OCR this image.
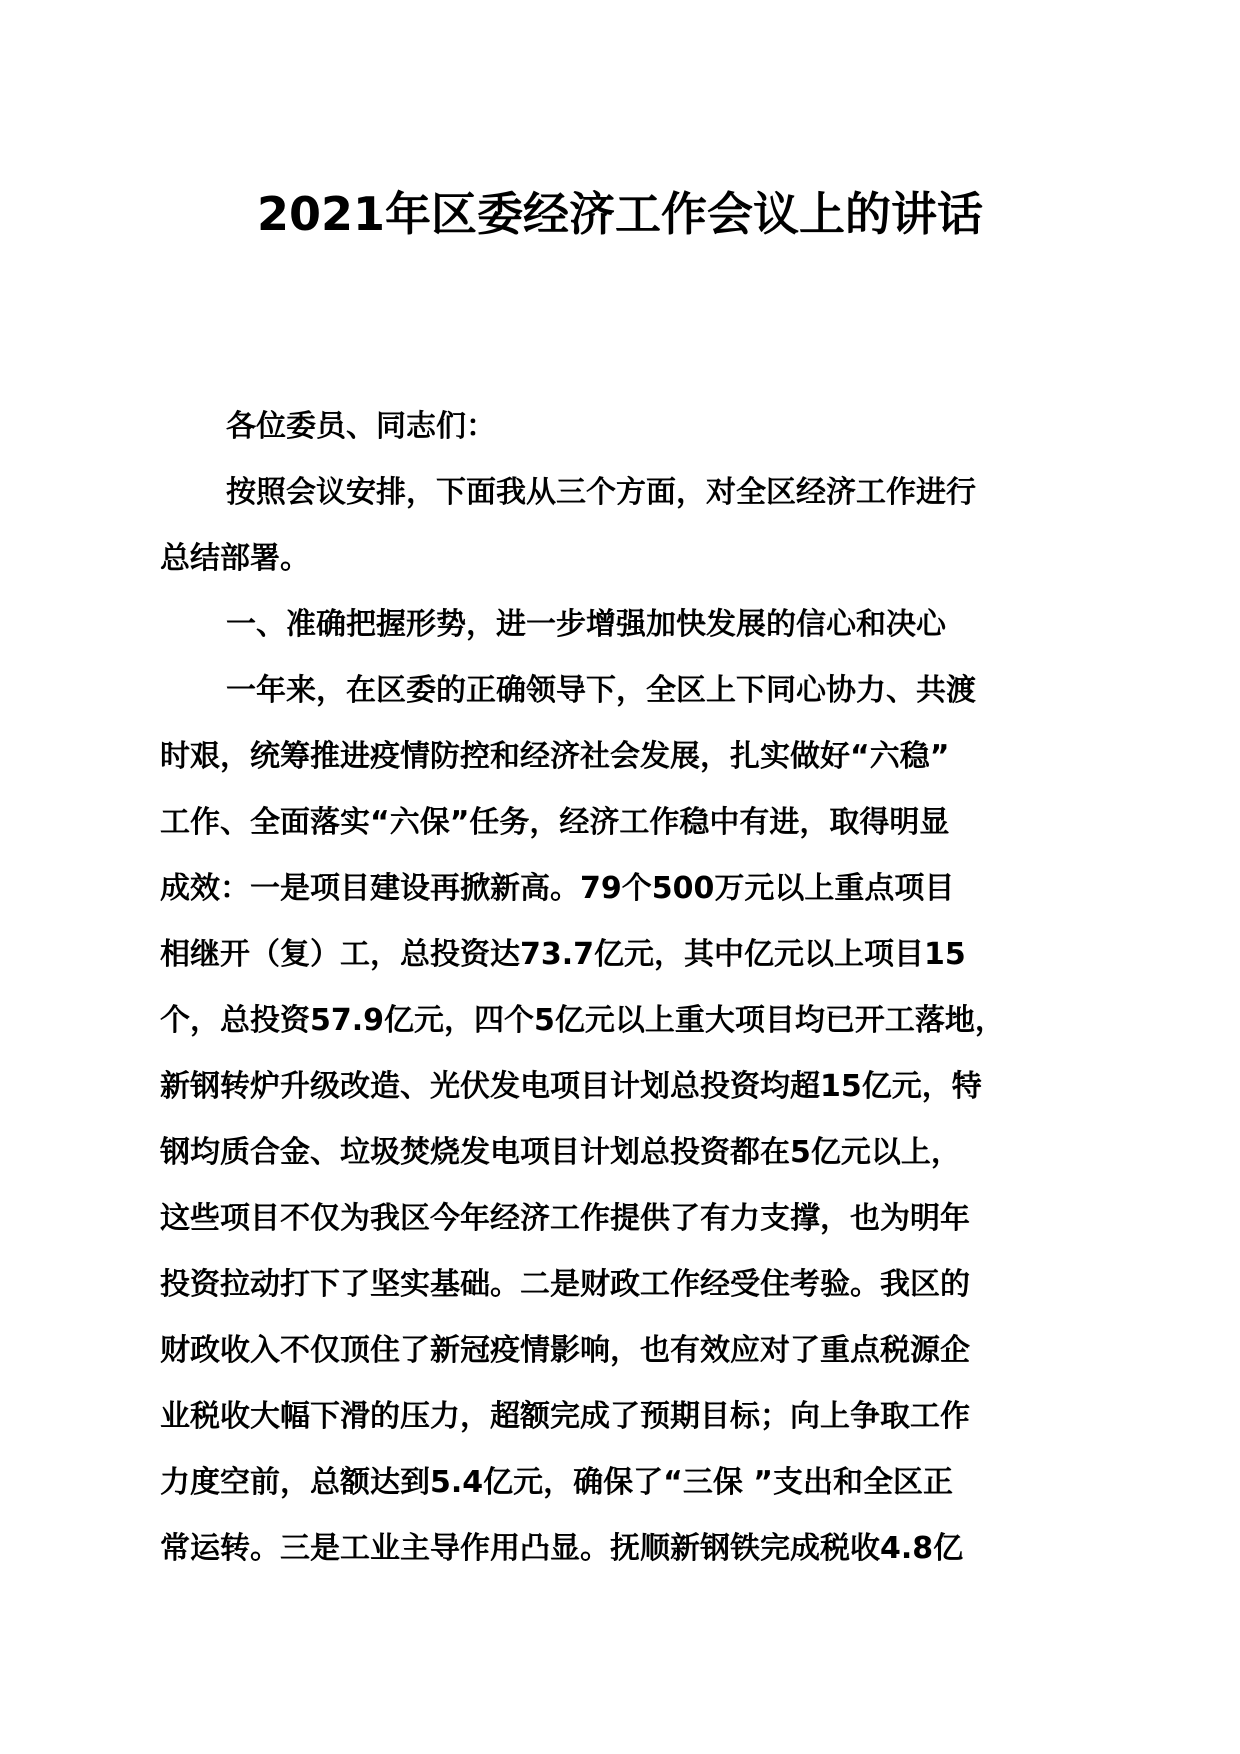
2021年区委经济工作会议上的讲话
各位委员、同志们：
按照会议安排，下面我从三个方面，对全区经济工作进行
总结部署。
一、准确把握形势，进一步增强加快发展的信心和决心
一年来，在区委的正确领导下，全区上下同心协力、共渡
时艰，统筹推进疫情防控和经济社会发展，扎实做好“六稳”
工作、全面落实“六保”任务，经济工作稳中有进，取得明显
成效：一是项目建设再掀新高。79个500万元以上重点项目
相继开（复）工，总投资达73.7亿元，其中亿元以上项目15
个，总投资57.9亿元，四个5亿元以上重大项目均已开工落地，
新钢转炉升级改造、光伏发电项目计划总投资均超15亿元，特
钢均质合金、垃圾焚烧发电项目计划总投资都在5亿元以上，
这些项目不仅为我区今年经济工作提供了有力支撑，也为明年
投资拉动打下了坚实基础。二是财政工作经受住考验。我区的
财政收入不仅顶住了新冠疫情影响，也有效应对了重点税源企
业税收大幅下滑的压力，超额完成了预期目标；向上争取工作
力度空前，总额达到5.4亿元，确保了“三保 ”支出和全区正
常运转。三是工业主导作用凸显。抚顺新钢铁完成税收4.8亿
